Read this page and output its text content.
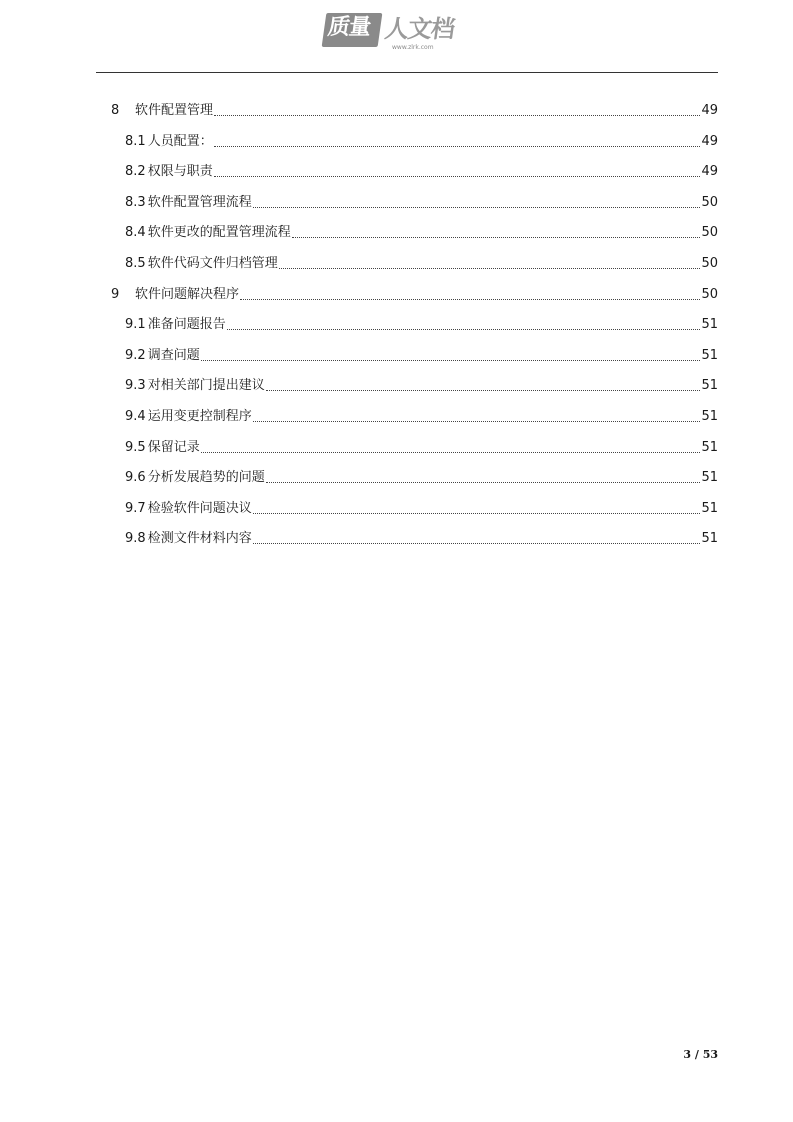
质量 人文档
www.zlrk.com
8	软件配置管理	49
8.1 人员配置：	49
8.2 权限与职责	49
8.3 软件配置管理流程	50
8.4 软件更改的配置管理流程	50
8.5 软件代码文件归档管理	50
9	软件问题解决程序	50
9.1 准备问题报告	51
9.2 调查问题	51
9.3 对相关部门提出建议	51
9.4 运用变更控制程序	51
9.5 保留记录	51
9.6 分析发展趋势的问题	51
9.7 检验软件问题决议	51
9.8 检测文件材料内容	51
3 / 53
